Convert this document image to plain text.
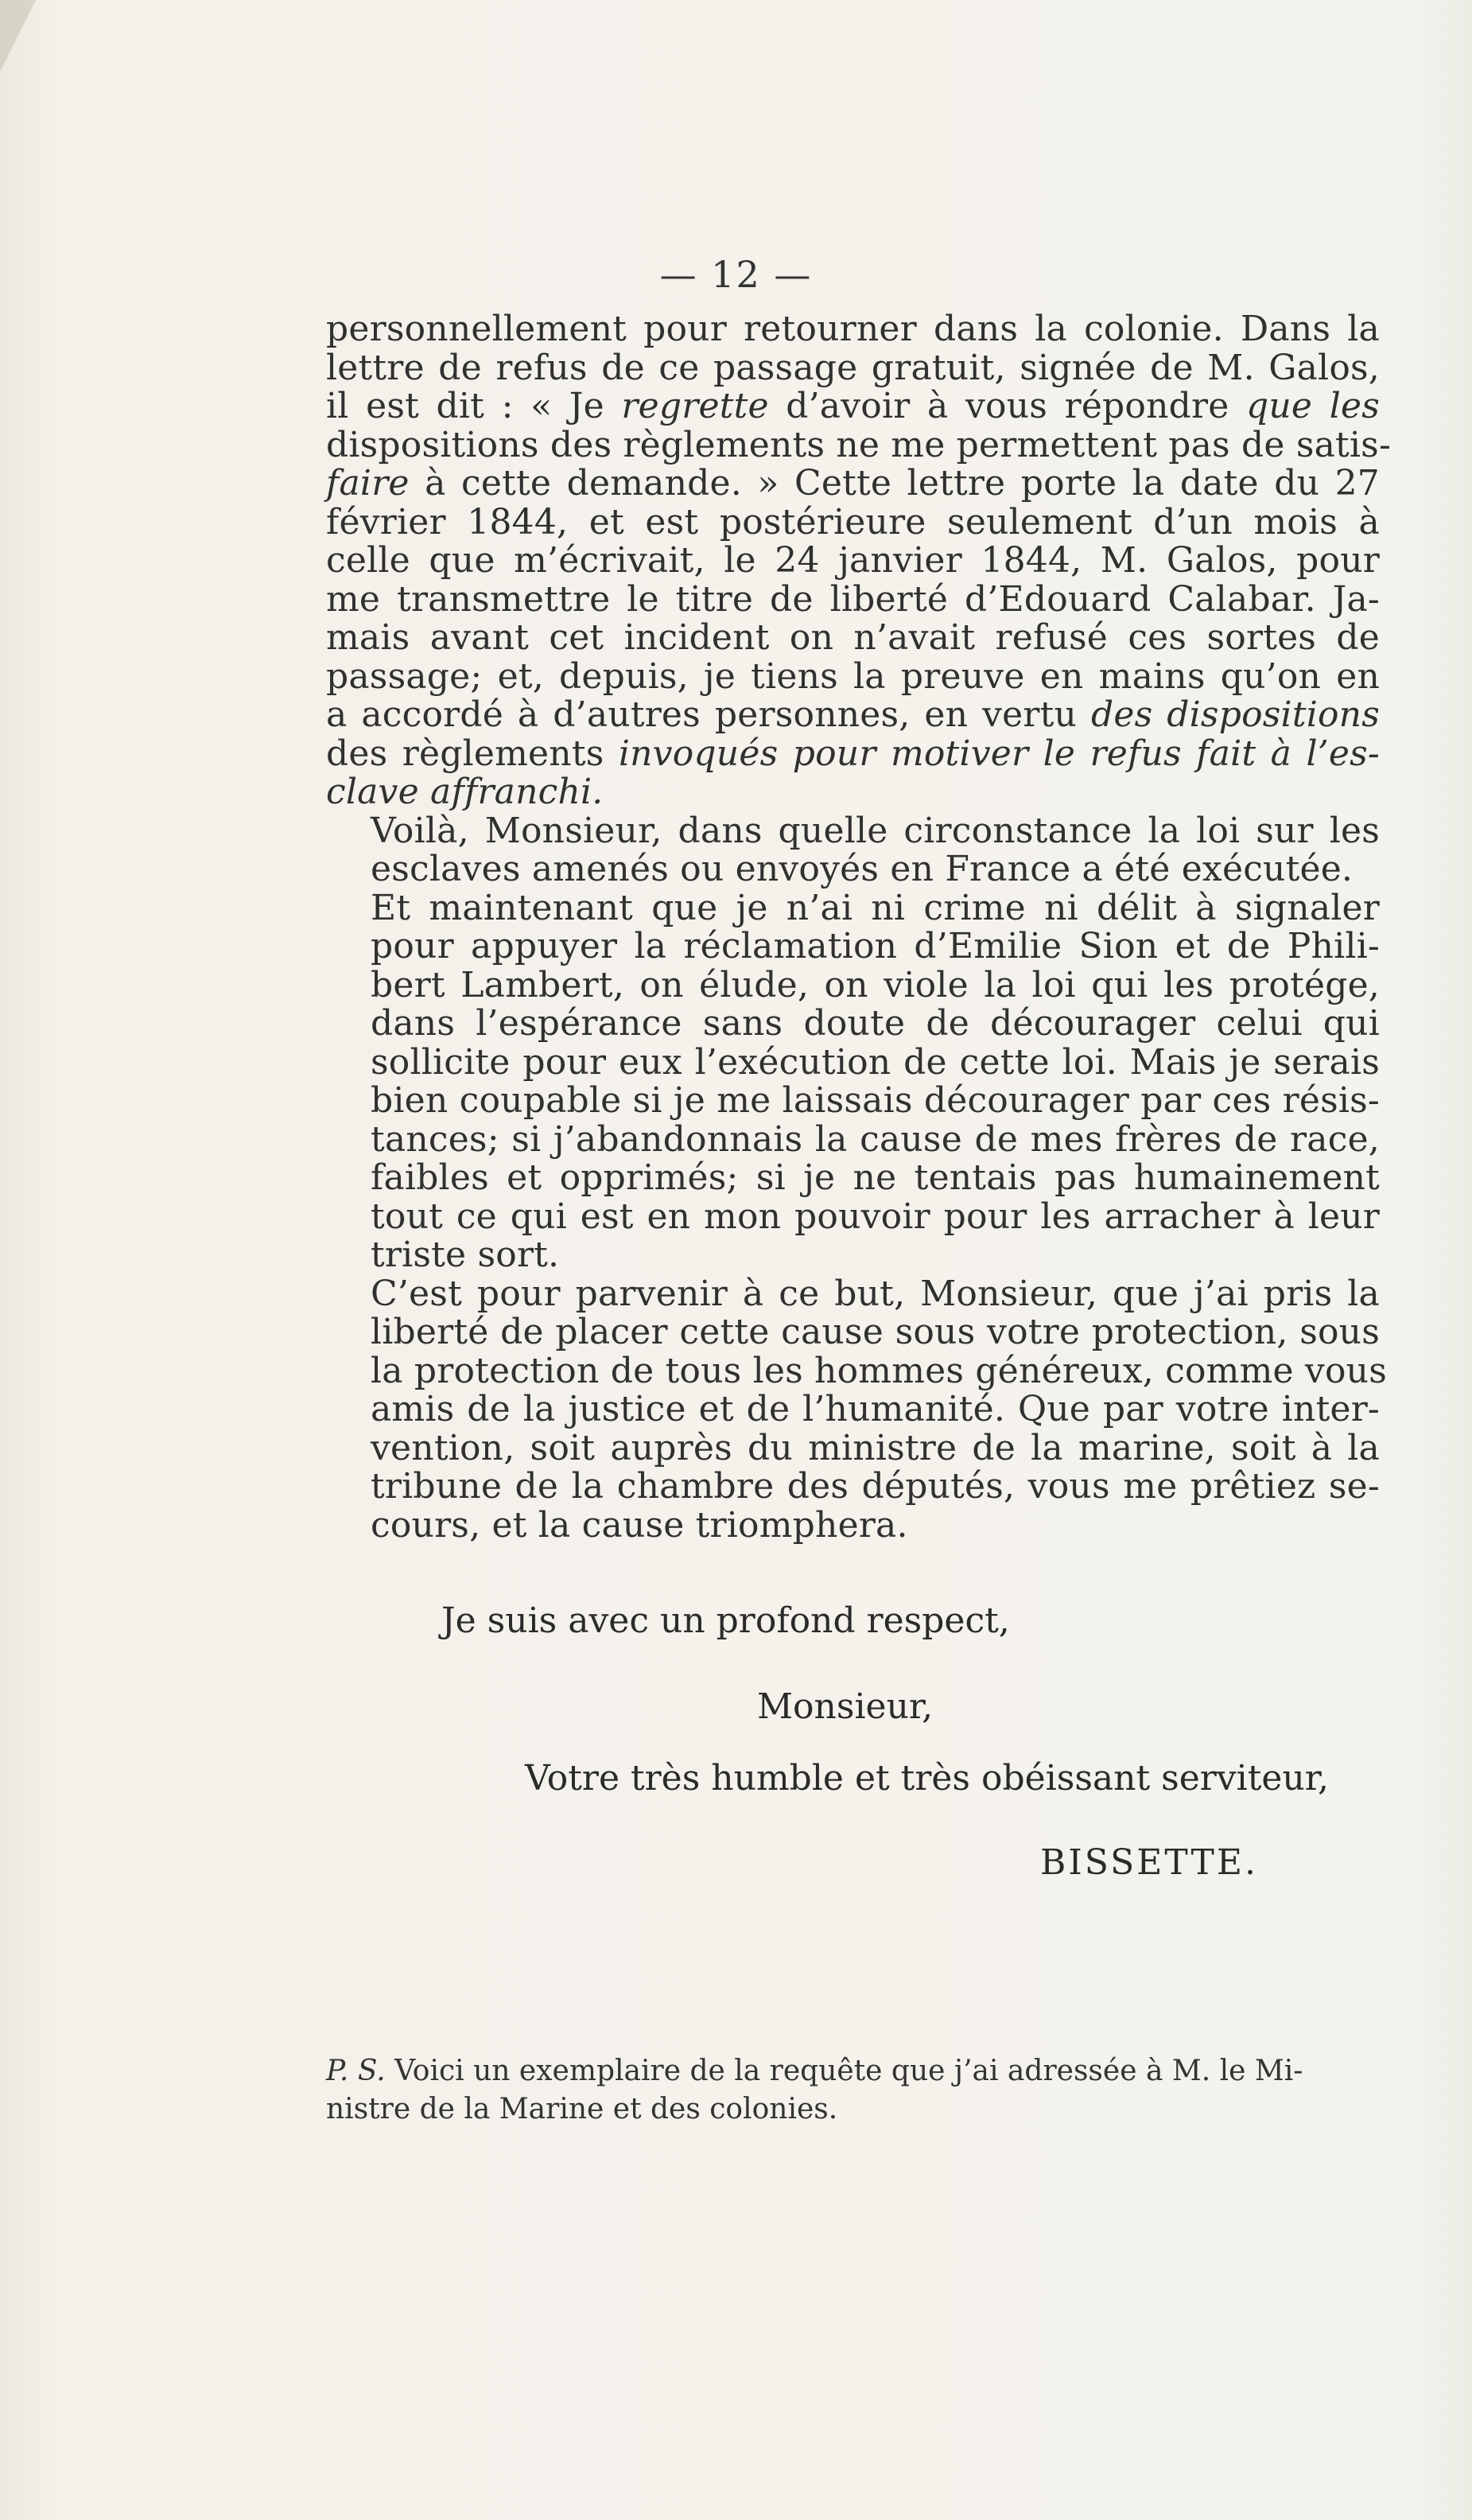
— 12 —

personnellement pour retourner dans la colonie. Dans la
lettre de refus de ce passage gratuit, signée de M. Galos,
il est dit : « Je regrette d’avoir à vous répondre que les
dispositions des règlements ne me permettent pas de satis-
faire à cette demande. » Cette lettre porte la date du 27
février 1844, et est postérieure seulement d’un mois à
celle que m’écrivait, le 24 janvier 1844, M. Galos, pour
me transmettre le titre de liberté d’Edouard Calabar. Ja-
mais avant cet incident on n’avait refusé ces sortes de
passage; et, depuis, je tiens la preuve en mains qu’on en
a accordé à d’autres personnes, en vertu des dispositions
des règlements invoqués pour motiver le refus fait à l’es-
clave affranchi.

Voilà, Monsieur, dans quelle circonstance la loi sur les
esclaves amenés ou envoyés en France a été exécutée.

Et maintenant que je n’ai ni crime ni délit à signaler
pour appuyer la réclamation d’Emilie Sion et de Phili-
bert Lambert, on élude, on viole la loi qui les protége,
dans l’espérance sans doute de décourager celui qui
sollicite pour eux l’exécution de cette loi. Mais je serais
bien coupable si je me laissais décourager par ces résis-
tances; si j’abandonnais la cause de mes frères de race,
faibles et opprimés; si je ne tentais pas humainement
tout ce qui est en mon pouvoir pour les arracher à leur
triste sort.

C’est pour parvenir à ce but, Monsieur, que j’ai pris la
liberté de placer cette cause sous votre protection, sous
la protection de tous les hommes généreux, comme vous
amis de la justice et de l’humanité. Que par votre inter-
vention, soit auprès du ministre de la marine, soit à la
tribune de la chambre des députés, vous me prêtiez se-
cours, et la cause triomphera.

Je suis avec un profond respect,
Monsieur,
Votre très humble et très obéissant serviteur,
BISSETTE.
P. S. Voici un exemplaire de la requête que j’ai adressée à M. le Mi-
nistre de la Marine et des colonies.
